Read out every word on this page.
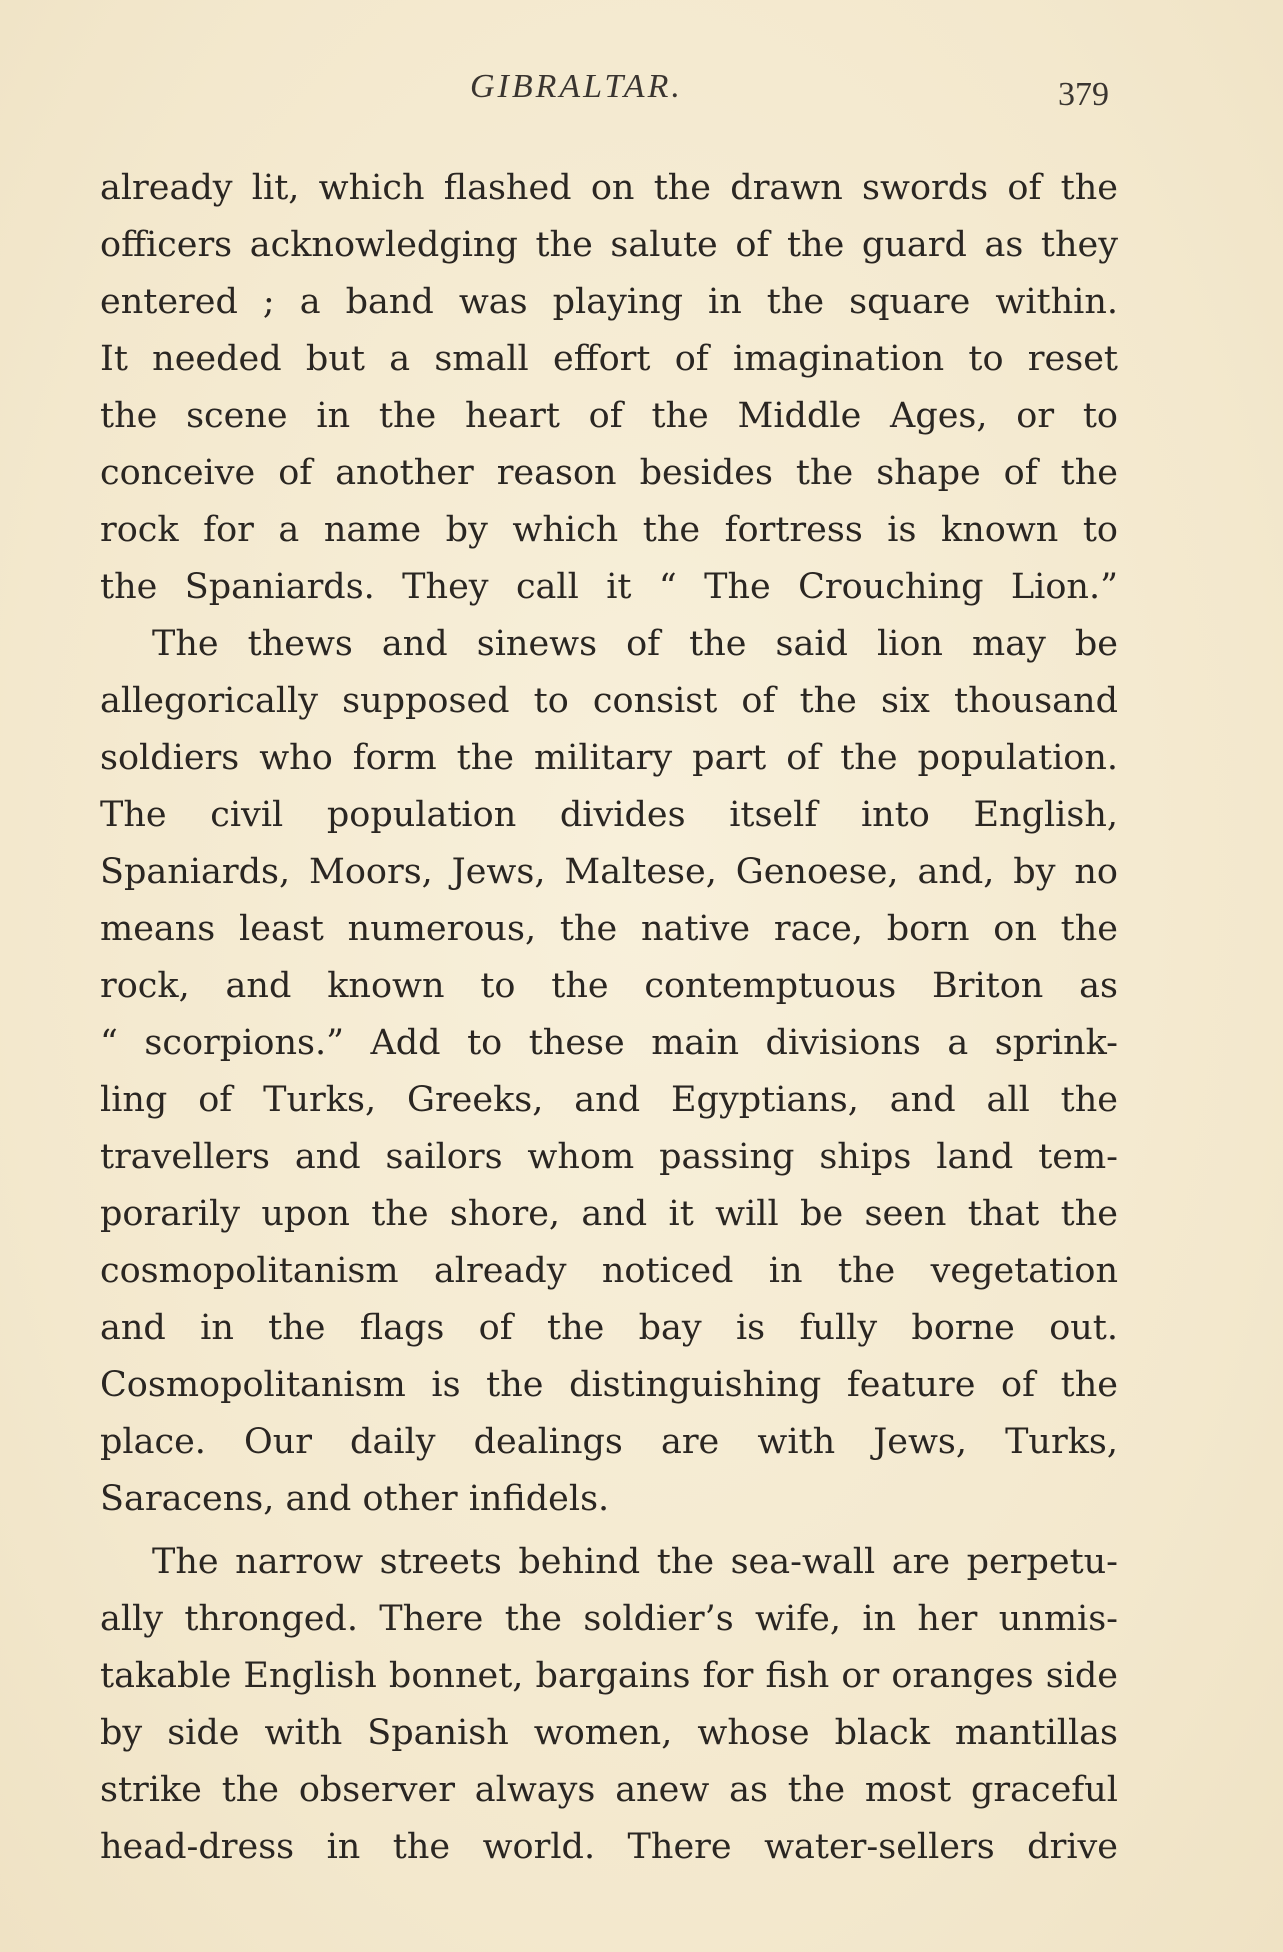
GIBRALTAR.	379
already lit, which flashed on the drawn swords of the
officers acknowledging the salute of the guard as they
entered ; a band was playing in the square within.
It needed but a small effort of imagination to reset
the scene in the heart of the Middle Ages, or to
conceive of another reason besides the shape of the
rock for a name by which the fortress is known to
the Spaniards. They call it “ The Crouching Lion.”
The thews and sinews of the said lion may be
allegorically supposed to consist of the six thousand
soldiers who form the military part of the population.
The civil population divides itself into English,
Spaniards, Moors, Jews, Maltese, Genoese, and, by no
means least numerous, the native race, born on the
rock, and known to the contemptuous Briton as
“ scorpions.” Add to these main divisions a sprink-
ling of Turks, Greeks, and Egyptians, and all the
travellers and sailors whom passing ships land tem-
porarily upon the shore, and it will be seen that the
cosmopolitanism already noticed in the vegetation
and in the flags of the bay is fully borne out.
Cosmopolitanism is the distinguishing feature of the
place. Our daily dealings are with Jews, Turks,
Saracens, and other infidels.
The narrow streets behind the sea-wall are perpetu-
ally thronged. There the soldier’s wife, in her unmis-
takable English bonnet, bargains for fish or oranges side
by side with Spanish women, whose black mantillas
strike the observer always anew as the most graceful
head-dress in the world. There water-sellers drive
